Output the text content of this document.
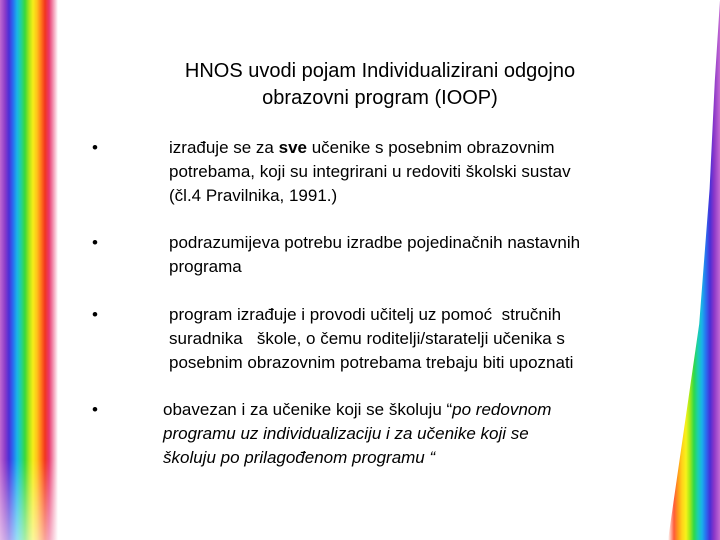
HNOS uvodi pojam Individualizirani odgojno
obrazovni program (IOOP)
•	izrađuje se za sve učenike s posebnim obrazovnim
potrebama, koji su integrirani u redoviti školski sustav
(čl.4 Pravilnika, 1991.)
•	podrazumijeva potrebu izradbe pojedinačnih nastavnih
programa
•	program izrađuje i provodi učitelj uz pomoć  stručnih
suradnika   škole, o čemu roditelji/staratelji učenika s
posebnim obrazovnim potrebama trebaju biti upoznati
•	obavezan i za učenike koji se školuju “po redovnom
programu uz individualizaciju i za učenike koji se
školuju po prilagođenom programu “
